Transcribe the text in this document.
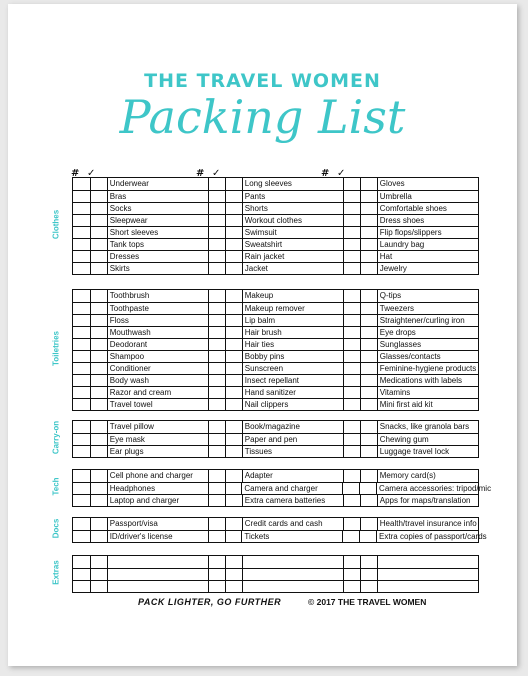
THE TRAVEL WOMEN
Packing List
# ✓	# ✓	# ✓
Underwear	Long sleeves	Gloves
Bras	Pants	Umbrella
Socks	Shorts	Comfortable shoes
Sleepwear	Workout clothes	Dress shoes
Short sleeves	Swimsuit	Flip flops/slippers
Tank tops	Sweatshirt	Laundry bag
Dresses	Rain jacket	Hat
Skirts	Jacket	Jewelry
Clothes
Toothbrush	Makeup	Q-tips
Toothpaste	Makeup remover	Tweezers
Floss	Lip balm	Straightener/curling iron
Mouthwash	Hair brush	Eye drops
Deodorant	Hair ties	Sunglasses
Shampoo	Bobby pins	Glasses/contacts
Conditioner	Sunscreen	Feminine-hygiene products
Body wash	Insect repellant	Medications with labels
Razor and cream	Hand sanitizer	Vitamins
Travel towel	Nail clippers	Mini first aid kit
Toiletries
Travel pillow	Book/magazine	Snacks, like granola bars
Eye mask	Paper and pen	Chewing gum
Ear plugs	Tissues	Luggage travel lock
Carry-on
Cell phone and charger	Adapter	Memory card(s)
Headphones	Camera and charger	Camera accessories: tripod/mic
Laptop and charger	Extra camera batteries	Apps for maps/translation
Tech
Passport/visa	Credit cards and cash	Health/travel insurance info
ID/driver's license	Tickets	Extra copies of passport/cards
Docs
Extras
PACK LIGHTER, GO FURTHER	© 2017 THE TRAVEL WOMEN
